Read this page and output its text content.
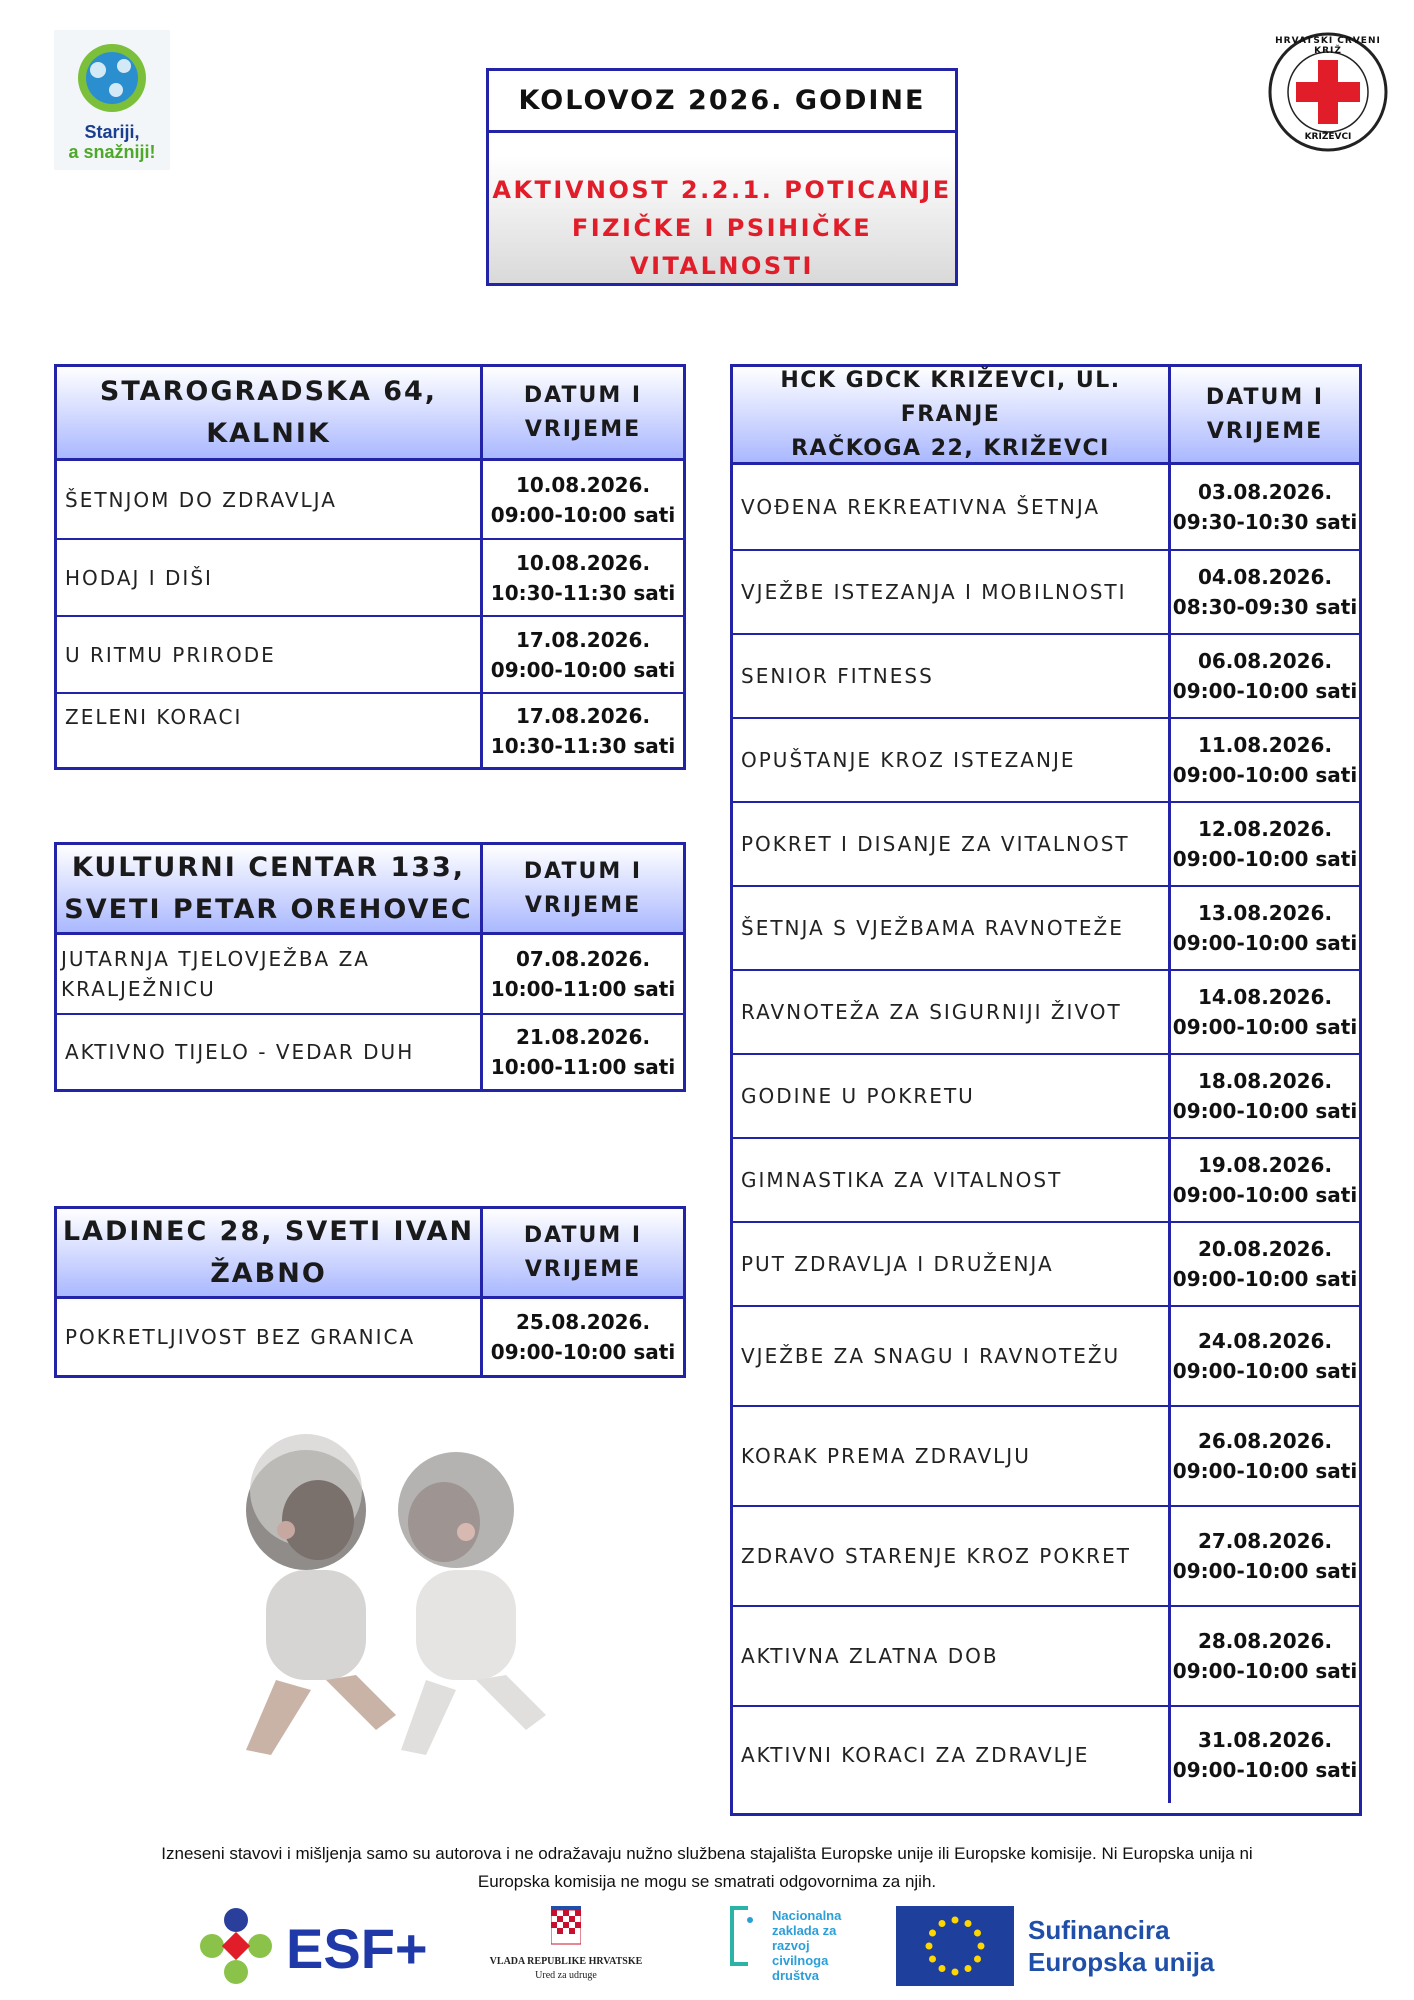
Stariji,
a snažniji!
HRVATSKI CRVENI KRIŽ
KRIŽEVCI
KOLOVOZ 2026. GODINE
AKTIVNOST 2.2.1. POTICANJE
FIZIČKE I PSIHIČKE VITALNOSTI
STAROGRADSKA 64,
KALNIK
DATUM I
VRIJEME
ŠETNJOM DO ZDRAVLJA
10.08.2026.
09:00-10:00 sati
HODAJ I DIŠI
10.08.2026.
10:30-11:30 sati
U RITMU PRIRODE
17.08.2026.
09:00-10:00 sati
ZELENI KORACI	17.08.2026.
10:30-11:30 sati
KULTURNI CENTAR 133,
SVETI PETAR OREHOVEC
DATUM I
VRIJEME
JUTARNJA TJELOVJEŽBA ZA
KRALJEŽNICU
07.08.2026.
10:00-11:00 sati
AKTIVNO TIJELO - VEDAR DUH
21.08.2026.
10:00-11:00 sati
LADINEC 28, SVETI IVAN
ŽABNO
DATUM I
VRIJEME
POKRETLJIVOST BEZ GRANICA
25.08.2026.
09:00-10:00 sati
HCK GDCK KRIŽEVCI, UL. FRANJE
RAČKOGA 22, KRIŽEVCI
DATUM I
VRIJEME
VOĐENA REKREATIVNA ŠETNJA
03.08.2026.
09:30-10:30 sati
VJEŽBE ISTEZANJA I MOBILNOSTI
04.08.2026.
08:30-09:30 sati
SENIOR FITNESS
06.08.2026.
09:00-10:00 sati
OPUŠTANJE KROZ ISTEZANJE
11.08.2026.
09:00-10:00 sati
POKRET I DISANJE ZA VITALNOST
12.08.2026.
09:00-10:00 sati
ŠETNJA S VJEŽBAMA RAVNOTEŽE
13.08.2026.
09:00-10:00 sati
RAVNOTEŽA ZA SIGURNIJI ŽIVOT
14.08.2026.
09:00-10:00 sati
GODINE U POKRETU
18.08.2026.
09:00-10:00 sati
GIMNASTIKA ZA VITALNOST
19.08.2026.
09:00-10:00 sati
PUT ZDRAVLJA I DRUŽENJA
20.08.2026.
09:00-10:00 sati
VJEŽBE ZA SNAGU I RAVNOTEŽU
24.08.2026.
09:00-10:00 sati
KORAK PREMA ZDRAVLJU
26.08.2026.
09:00-10:00 sati
ZDRAVO STARENJE KROZ POKRET
27.08.2026.
09:00-10:00 sati
AKTIVNA ZLATNA DOB
28.08.2026.
09:00-10:00 sati
AKTIVNI KORACI ZA ZDRAVLJE
31.08.2026.
09:00-10:00 sati
Izneseni stavovi i mišljenja samo su autorova i ne odražavaju nužno službena stajališta Europske unije ili Europske komisije. Ni Europska unija ni
Europska komisija ne mogu se smatrati odgovornima za njih.
ESF+	VLADA REPUBLIKE HRVATSKE
Ured za udruge
Nacionalna
zaklada za
razvoj
civilnoga
društva
Sufinancira
Europska unija
